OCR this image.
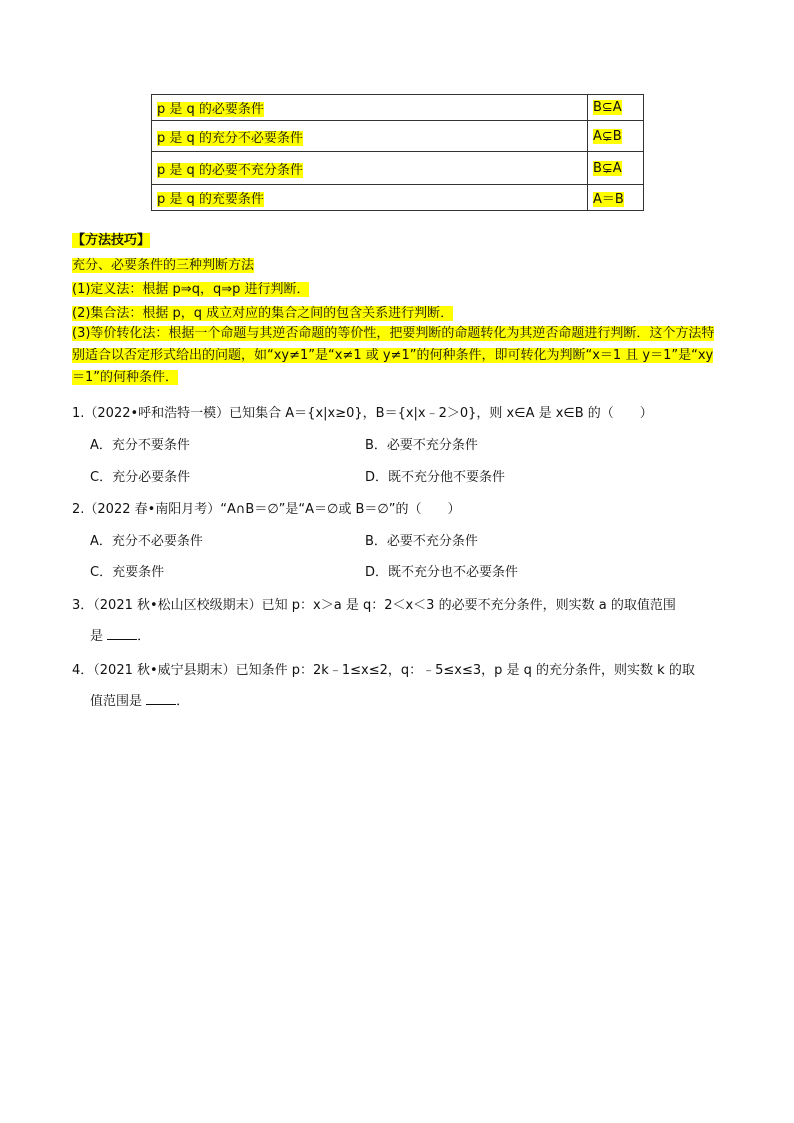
p 是 q 的必要条件	B⊆A
p 是 q 的充分不必要条件	A⊊B
p 是 q 的必要不充分条件	B⊊A
p 是 q 的充要条件	A＝B
【方法技巧】
充分、必要条件的三种判断方法
(1)定义法：根据 p⇒q，q⇒p 进行判断．
(2)集合法：根据 p，q 成立对应的集合之间的包含关系进行判断．
(3)等价转化法：根据一个命题与其逆否命题的等价性，把要判断的命题转化为其逆否命题进行判断．这个方法特别适合以否定形式给出的问题，如“xy≠1”是“x≠1 或 y≠1”的何种条件，即可转化为判断“x＝1 且 y＝1”是“xy＝1”的何种条件．
1.（2022•呼和浩特一模）已知集合 A＝{x|x≥0}，B＝{x|x﹣2＞0}，则 x∈A 是 x∈B 的（　　）
A．充分不要条件	B．必要不充分条件
C．充分必要条件	D．既不充分他不要条件
2.（2022 春•南阳月考）“A∩B＝∅”是“A＝∅或 B＝∅”的（　　）
A．充分不必要条件	B．必要不充分条件
C．充要条件	D．既不充分也不必要条件
3．（2021 秋•松山区校级期末）已知 p：x＞a 是 q：2＜x＜3 的必要不充分条件，则实数 a 的取值范围
是	．
4．（2021 秋•威宁县期末）已知条件 p：2k﹣1≤x≤2，q：﹣5≤x≤3，p 是 q 的充分条件，则实数 k 的取
值范围是	．
